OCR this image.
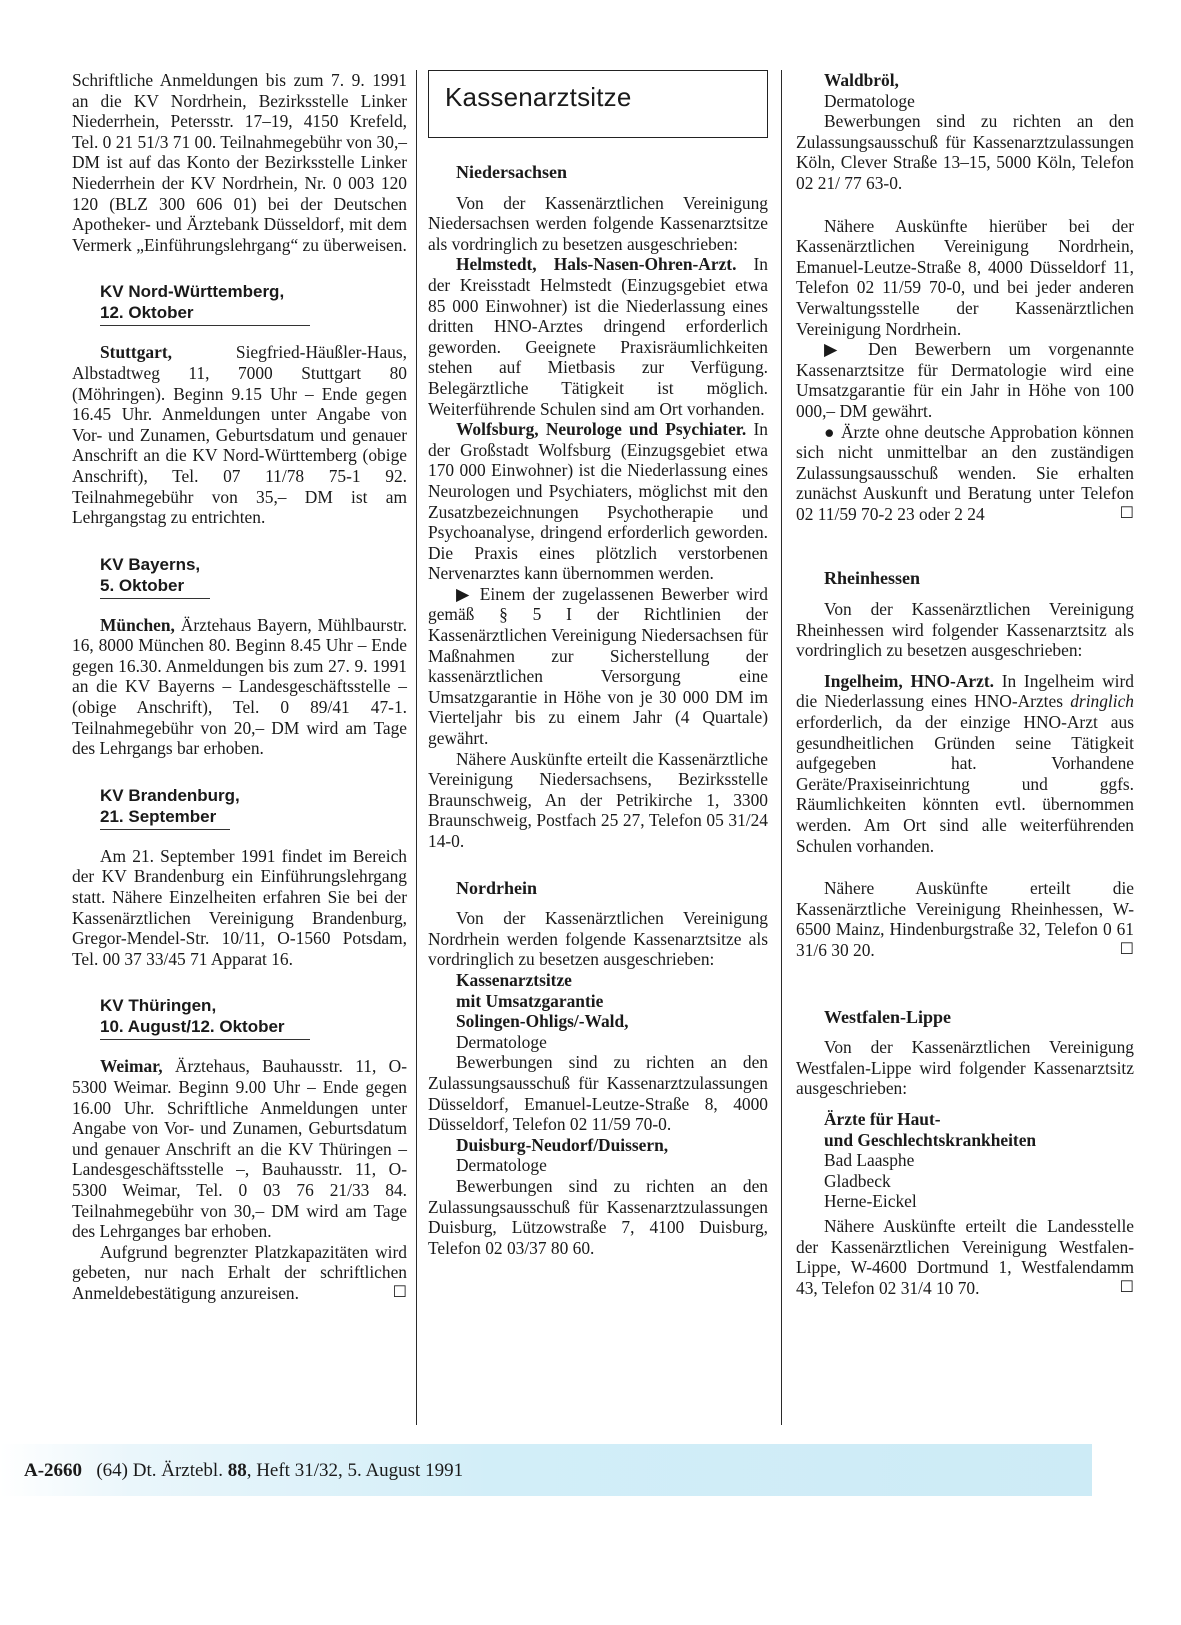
Schriftliche Anmeldungen bis zum 7. 9. 1991 an die KV Nordrhein, Bezirksstelle Linker Niederrhein, Petersstr. 17–19, 4150 Krefeld, Tel. 0 21 51/3 71 00. Teilnahmegebühr von 30,– DM ist auf das Konto der Bezirksstelle Linker Niederrhein der KV Nordrhein, Nr. 0 003 120 120 (BLZ 300 606 01) bei der Deutschen Apotheker- und Ärztebank Düsseldorf, mit dem Vermerk „Einführungslehrgang“ zu überweisen.

KV Nord-Württemberg,
12. Oktober

Stuttgart, Siegfried-Häußler-Haus, Albstadtweg 11, 7000 Stuttgart 80 (Möhringen). Beginn 9.15 Uhr – Ende gegen 16.45 Uhr. Anmeldungen unter Angabe von Vor- und Zunamen, Geburtsdatum und genauer Anschrift an die KV Nord-Württemberg (obige Anschrift), Tel. 07 11/78 75-1 92. Teilnahmegebühr von 35,– DM ist am Lehrgangstag zu entrichten.

KV Bayerns,
5. Oktober

München, Ärztehaus Bayern, Mühlbaurstr. 16, 8000 München 80. Beginn 8.45 Uhr – Ende gegen 16.30. Anmeldungen bis zum 27. 9. 1991 an die KV Bayerns – Landesgeschäftsstelle – (obige Anschrift), Tel. 0 89/41 47-1. Teilnahmegebühr von 20,– DM wird am Tage des Lehrgangs bar erhoben.

KV Brandenburg,
21. September

Am 21. September 1991 findet im Bereich der KV Brandenburg ein Einführungslehrgang statt. Nähere Einzelheiten erfahren Sie bei der Kassenärztlichen Vereinigung Brandenburg, Gregor-Mendel-Str. 10/11, O-1560 Potsdam, Tel. 00 37 33/45 71 Apparat 16.

KV Thüringen,
10. August/12. Oktober

Weimar, Ärztehaus, Bauhausstr. 11, O-5300 Weimar. Beginn 9.00 Uhr – Ende gegen 16.00 Uhr. Schriftliche Anmeldungen unter Angabe von Vor- und Zunamen, Geburtsdatum und genauer Anschrift an die KV Thüringen – Landesgeschäftsstelle –, Bauhausstr. 11, O-5300 Weimar, Tel. 0 03 76 21/33 84. Teilnahmegebühr von 30,– DM wird am Tage des Lehrganges bar erhoben.

Aufgrund begrenzter Platzkapazitäten wird gebeten, nur nach Erhalt der schriftlichen Anmeldebestätigung anzureisen.	☐

Kassenarztsitze

Niedersachsen

Von der Kassenärztlichen Vereinigung Niedersachsen werden folgende Kassenarztsitze als vordringlich zu besetzen ausgeschrieben:

Helmstedt, Hals-Nasen-Ohren-Arzt. In der Kreisstadt Helmstedt (Einzugsgebiet etwa 85 000 Einwohner) ist die Niederlassung eines dritten HNO-Arztes dringend erforderlich geworden. Geeignete Praxisräumlichkeiten stehen auf Mietbasis zur Verfügung. Belegärztliche Tätigkeit ist möglich. Weiterführende Schulen sind am Ort vorhanden.

Wolfsburg, Neurologe und Psychiater. In der Großstadt Wolfsburg (Einzugsgebiet etwa 170 000 Einwohner) ist die Niederlassung eines Neurologen und Psychiaters, möglichst mit den Zusatzbezeichnungen Psychotherapie und Psychoanalyse, dringend erforderlich geworden. Die Praxis eines plötzlich verstorbenen Nervenarztes kann übernommen werden.

▶ Einem der zugelassenen Bewerber wird gemäß § 5 I der Richtlinien der Kassenärztlichen Vereinigung Niedersachsen für Maßnahmen zur Sicherstellung der kassenärztlichen Versorgung eine Umsatzgarantie in Höhe von je 30 000 DM im Vierteljahr bis zu einem Jahr (4 Quartale) gewährt.

Nähere Auskünfte erteilt die Kassenärztliche Vereinigung Niedersachsens, Bezirksstelle Braunschweig, An der Petrikirche 1, 3300 Braunschweig, Postfach 25 27, Telefon 05 31/24 14-0.

Nordrhein

Von der Kassenärztlichen Vereinigung Nordrhein werden folgende Kassenarztsitze als vordringlich zu besetzen ausgeschrieben:

Kassenarztsitze
mit Umsatzgarantie
Solingen-Ohligs/-Wald,
Dermatologe

Bewerbungen sind zu richten an den Zulassungsausschuß für Kassenarztzulassungen Düsseldorf, Emanuel-Leutze-Straße 8, 4000 Düsseldorf, Telefon 02 11/59 70-0.

Duisburg-Neudorf/Duissern,
Dermatologe

Bewerbungen sind zu richten an den Zulassungsausschuß für Kassenarztzulassungen Duisburg, Lützowstraße 7, 4100 Duisburg, Telefon 02 03/37 80 60.

Waldbröl,
Dermatologe

Bewerbungen sind zu richten an den Zulassungsausschuß für Kassenarztzulassungen Köln, Clever Straße 13–15, 5000 Köln, Telefon 02 21/ 77 63-0.

Nähere Auskünfte hierüber bei der Kassenärztlichen Vereinigung Nordrhein, Emanuel-Leutze-Straße 8, 4000 Düsseldorf 11, Telefon 02 11/59 70-0, und bei jeder anderen Verwaltungsstelle der Kassenärztlichen Vereinigung Nordrhein.

▶ Den Bewerbern um vorgenannte Kassenarztsitze für Dermatologie wird eine Umsatzgarantie für ein Jahr in Höhe von 100 000,– DM gewährt.

● Ärzte ohne deutsche Approbation können sich nicht unmittelbar an den zuständigen Zulassungsausschuß wenden. Sie erhalten zunächst Auskunft und Beratung unter Telefon 02 11/59 70-2 23 oder 2 24	☐

Rheinhessen

Von der Kassenärztlichen Vereinigung Rheinhessen wird folgender Kassenarztsitz als vordringlich zu besetzen ausgeschrieben:

Ingelheim, HNO-Arzt. In Ingelheim wird die Niederlassung eines HNO-Arztes dringlich erforderlich, da der einzige HNO-Arzt aus gesundheitlichen Gründen seine Tätigkeit aufgegeben hat. Vorhandene Geräte/Praxiseinrichtung und ggfs. Räumlichkeiten könnten evtl. übernommen werden. Am Ort sind alle weiterführenden Schulen vorhanden.

Nähere Auskünfte erteilt die Kassenärztliche Vereinigung Rheinhessen, W-6500 Mainz, Hindenburgstraße 32, Telefon 0 61 31/6 30 20.	☐

Westfalen-Lippe

Von der Kassenärztlichen Vereinigung Westfalen-Lippe wird folgender Kassenarztsitz ausgeschrieben:

Ärzte für Haut-
und Geschlechtskrankheiten
Bad Laasphe
Gladbeck
Herne-Eickel

Nähere Auskünfte erteilt die Landesstelle der Kassenärztlichen Vereinigung Westfalen-Lippe, W-4600 Dortmund 1, Westfalendamm 43, Telefon 02 31/4 10 70.	☐

A-2660 (64) Dt. Ärztebl. 88, Heft 31/32, 5. August 1991
